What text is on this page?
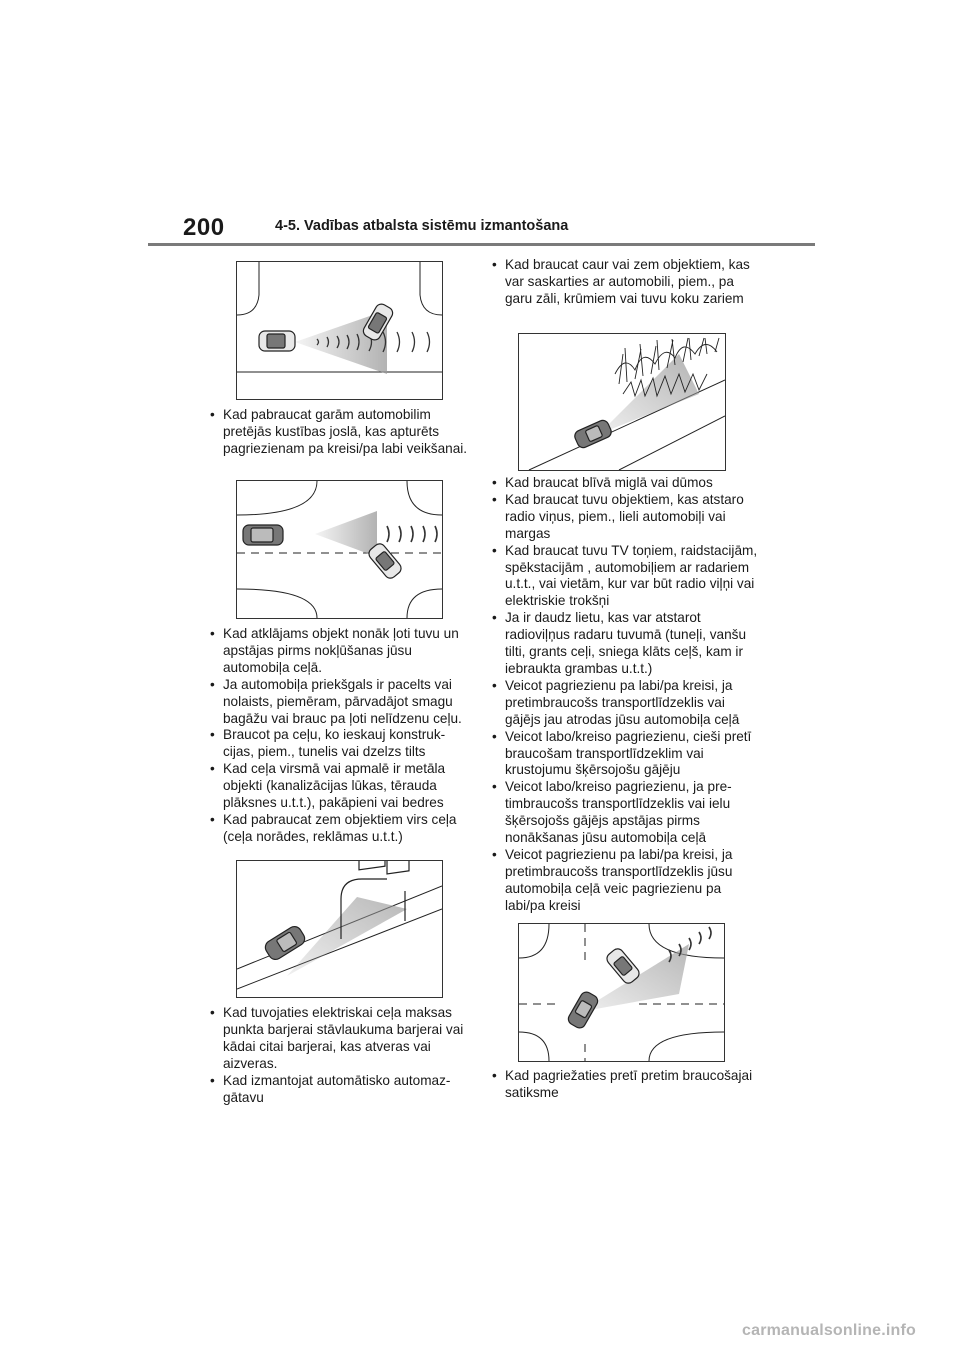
200	4-5. Vadības atbalsta sistēmu izmantošana
• Kad pabraucat garām automobilim pretējās kustības joslā, kas apturēts pagriezienam pa kreisi/pa labi veikšanai.
• Kad atklājams objekt nonāk ļoti tuvu un apstājas pirms nokļūšanas jūsu automobiļa ceļā.
• Ja automobiļa priekšgals ir pacelts vai nolaists, piemēram, pārvadājot smagu bagāžu vai brauc pa ļoti nelīdzenu ceļu.
• Braucot pa ceļu, ko ieskauj konstrukcijas, piem., tunelis vai dzelzs tilts
• Kad ceļa virsmā vai apmalē ir metāla objekti (kanalizācijas lūkas, tērauda plāksnes u.t.t.), pakāpieni vai bedres
• Kad pabraucat zem objektiem virs ceļa (ceļa norādes, reklāmas u.t.t.)
• Kad tuvojaties elektriskai ceļa maksas punkta barjerai stāvlaukuma barjerai vai kādai citai barjerai, kas atveras vai aizveras.
• Kad izmantojat automātisko automazgātavu
• Kad braucat caur vai zem objektiem, kas var saskarties ar automobili, piem., pa garu zāli, krūmiem vai tuvu koku zariem
• Kad braucat blīvā miglā vai dūmos
• Kad braucat tuvu objektiem, kas atstaro radio viņus, piem., lieli automobiļi vai margas
• Kad braucat tuvu TV toņiem, raidstacijām, spēkstacijām , automobiļiem ar radariem u.t.t., vai vietām, kur var būt radio viļņi vai elektriskie trokšņi
• Ja ir daudz lietu, kas var atstarot radioviļņus radaru tuvumā (tuneļi, vanšu tilti, grants ceļi, sniega klāts ceļš, kam ir iebraukta grambas u.t.t.)
• Veicot pagriezienu pa labi/pa kreisi, ja pretimbraucošs transportlīdzeklis vai gājējs jau atrodas jūsu automobiļa ceļā
• Veicot labo/kreiso pagriezienu, cieši pretī braucošam transportlīdzeklim vai krustojumu šķērsojošu gājēju
• Veicot labo/kreiso pagriezienu, ja pretimbraucošs transportlīdzeklis vai ielu šķērsojošs gājējs apstājas pirms nonākšanas jūsu automobiļa ceļā
• Veicot pagriezienu pa labi/pa kreisi, ja pretimbraucošs transportlīdzeklis jūsu automobiļa ceļā veic pagriezienu pa labi/pa kreisi
• Kad pagriežaties pretī pretim braucošajai satiksme
carmanualsonline.info
